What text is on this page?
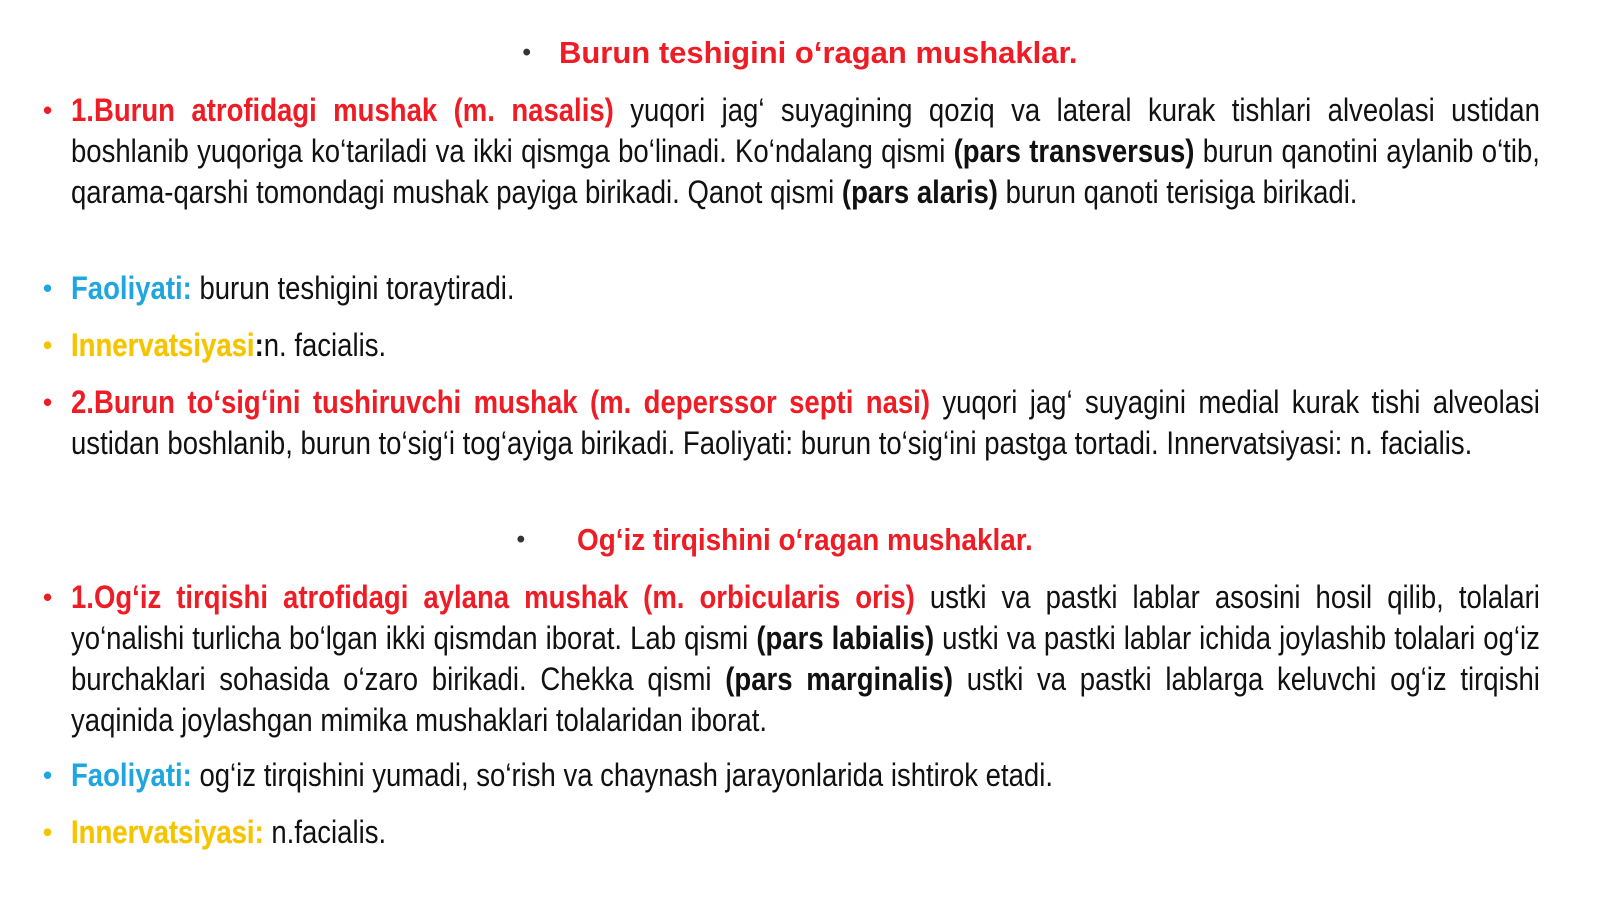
• Burun teshigini o‘ragan mushaklar.
• 1.Burun atrofidagi mushak (m. nasalis) yuqori jag‘ suyagining qoziq va lateral kurak tishlari alveolasi ustidan boshlanib yuqoriga ko‘tariladi va ikki qismga bo‘linadi. Ko‘ndalang qismi (pars transversus) burun qanotini aylanib o‘tib, qarama-qarshi tomondagi mushak payiga birikadi. Qanot qismi (pars alaris) burun qanoti terisiga birikadi.
• Faoliyati: burun teshigini toraytiradi.
• Innervatsiyasi:n. facialis.
• 2.Burun to‘sig‘ini tushiruvchi mushak (m. deperssor septi nasi) yuqori jag‘ suyagini medial kurak tishi alveolasi ustidan boshlanib, burun to‘sig‘i tog‘ayiga birikadi. Faoliyati: burun to‘sig‘ini pastga tortadi. Innervatsiyasi: n. facialis.
• Og‘iz tirqishini o‘ragan mushaklar.
• 1.Og‘iz tirqishi atrofidagi aylana mushak (m. orbicularis oris) ustki va pastki lablar asosini hosil qilib, tolalari yo‘nalishi turlicha bo‘lgan ikki qismdan iborat. Lab qismi (pars labialis) ustki va pastki lablar ichida joylashib tolalari og‘iz burchaklari sohasida o‘zaro birikadi. Chekka qismi (pars marginalis) ustki va pastki lablarga keluvchi og‘iz tirqishi yaqinida joylashgan mimika mushaklari tolalaridan iborat.
• Faoliyati: og‘iz tirqishini yumadi, so‘rish va chaynash jarayonlarida ishtirok etadi.
• Innervatsiyasi: n.facialis.
